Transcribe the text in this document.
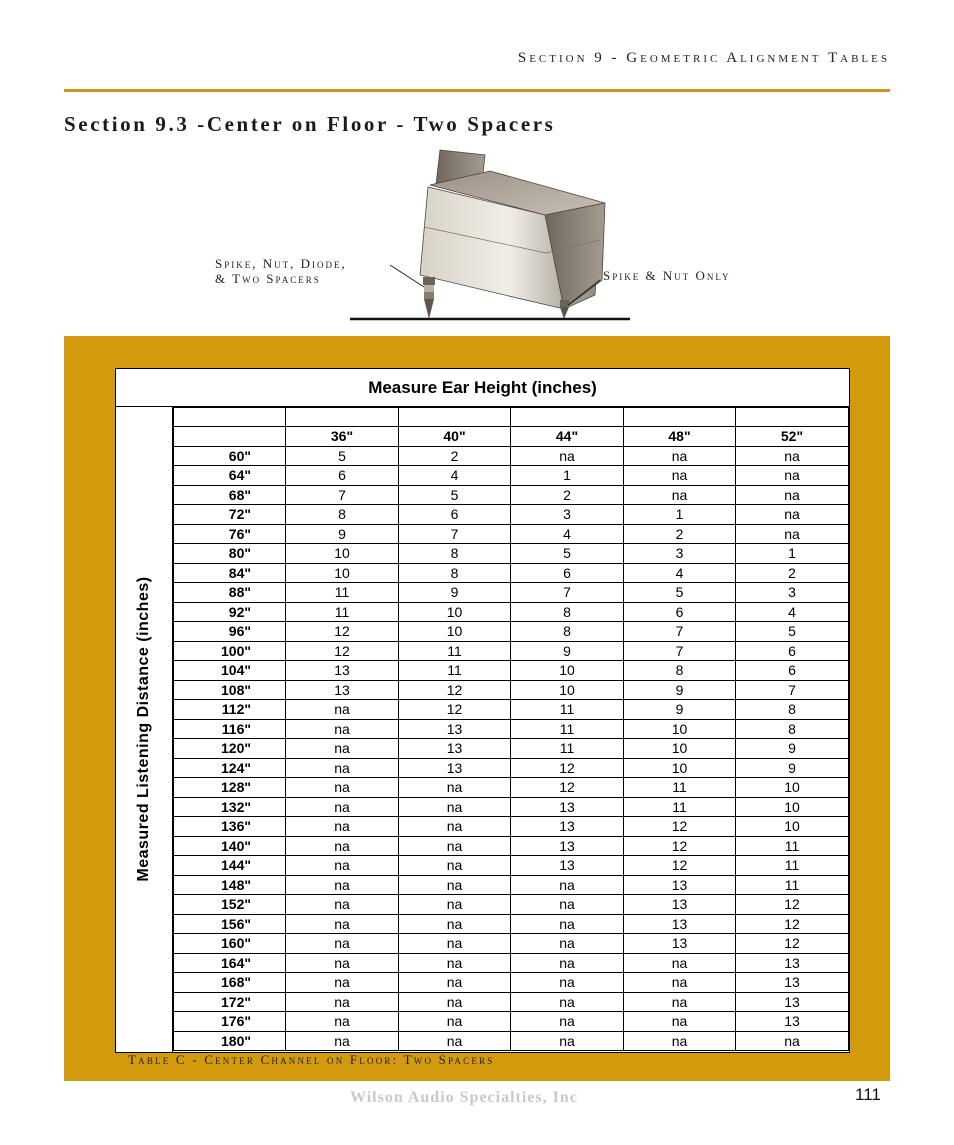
Section 9 - Geometric Alignment Tables
Section 9.3 -Center on Floor - Two Spacers
Spike, Nut, Diode,
& Two Spacers	Spike & Nut Only
Measure Ear Height (inches)
Measured Listening Distance (inches)

	36"	40"	44"	48"	52"
60"	5	2	na	na	na
64"	6	4	1	na	na
68"	7	5	2	na	na
72"	8	6	3	1	na
76"	9	7	4	2	na
80"	10	8	5	3	1
84"	10	8	6	4	2
88"	11	9	7	5	3
92"	11	10	8	6	4
96"	12	10	8	7	5
100"	12	11	9	7	6
104"	13	11	10	8	6
108"	13	12	10	9	7
112"	na	12	11	9	8
116"	na	13	11	10	8
120"	na	13	11	10	9
124"	na	13	12	10	9
128"	na	na	12	11	10
132"	na	na	13	11	10
136"	na	na	13	12	10
140"	na	na	13	12	11
144"	na	na	13	12	11
148"	na	na	na	13	11
152"	na	na	na	13	12
156"	na	na	na	13	12
160"	na	na	na	13	12
164"	na	na	na	na	13
168"	na	na	na	na	13
172"	na	na	na	na	13
176"	na	na	na	na	13
180"	na	na	na	na	na
Table C - Center Channel on Floor: Two Spacers
Wilson Audio Specialties, Inc	111
